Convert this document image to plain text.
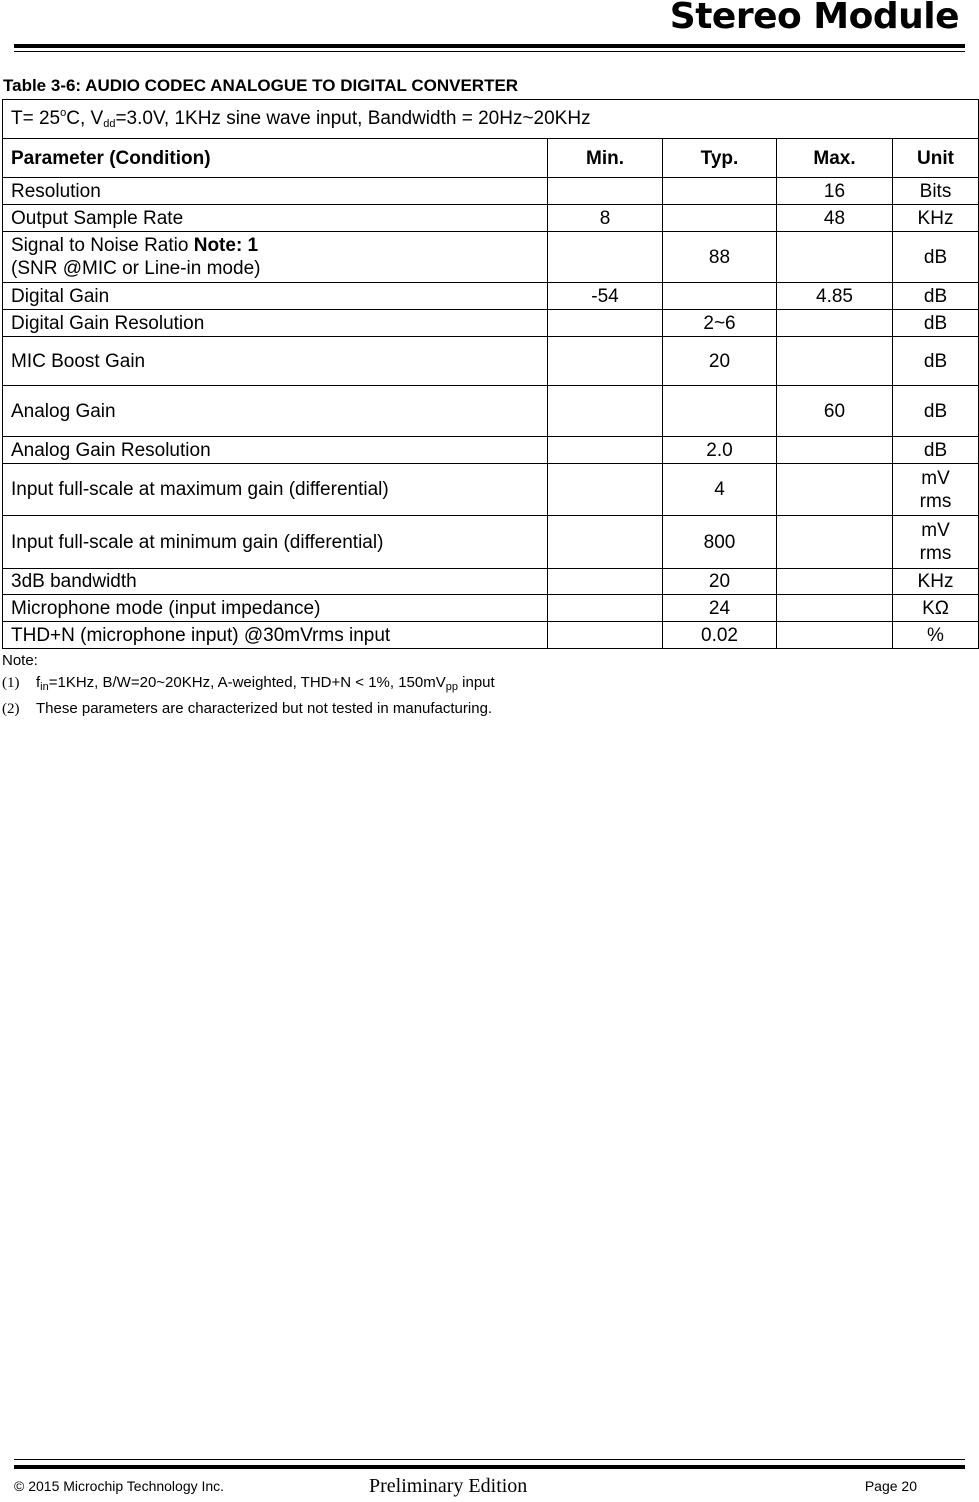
Stereo Module
Table 3-6: AUDIO CODEC ANALOGUE TO DIGITAL CONVERTER
$T= 25^oC$, $V_{dd}=3.0V$, 1KHz sine wave input, Bandwidth = 20Hz~20KHz				
Parameter (Condition)	Min.	Typ.	Max.	Unit
Resolution			16	Bits
Output Sample Rate	8		48	KHz
Signal to Noise Ratio Note: 1
(SNR @MIC or Line-in mode)		88		dB
Digital Gain	-54		4.85	dB
Digital Gain Resolution		2~6		dB
MIC Boost Gain		20		dB
Analog Gain			60	dB
Analog Gain Resolution		2.0		dB
Input full-scale at maximum gain (differential)		4		mV
rms
Input full-scale at minimum gain (differential)		800		mV
rms
3dB bandwidth		20		KHz
Microphone mode (input impedance)		24		KΩ
THD+N (microphone input) @30mVrms input		0.02		%
Note:
(1) $f_{in}=1KHz$, B/W=20~20KHz, A-weighted, THD+N < 1%, $150mV_{pp}$ input
(2) These parameters are characterized but not tested in manufacturing.
© 2015 Microchip Technology Inc.	Preliminary Edition	Page 20
